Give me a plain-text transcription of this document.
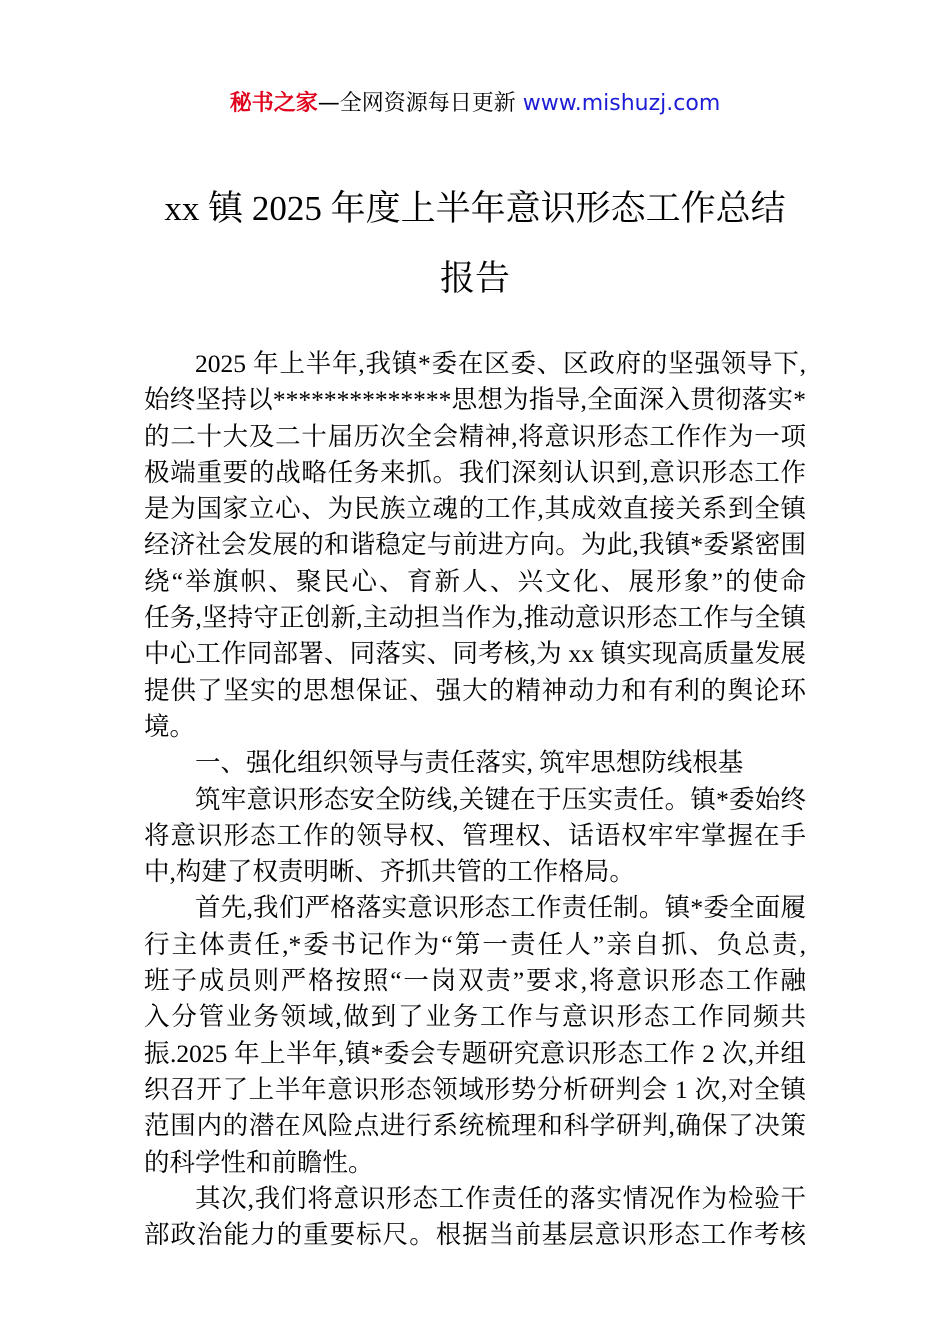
秘书之家—全网资源每日更新 www.mishuzj.com
xx 镇 2025 年度上半年意识形态工作总结
报告
2025 年上半年,我镇*委在区委、区政府的坚强领导下,
始终坚持以**************思想为指导,全面深入贯彻落实*
的二十大及二十届历次全会精神,将意识形态工作作为一项
极端重要的战略任务来抓。我们深刻认识到,意识形态工作
是为国家立心、为民族立魂的工作,其成效直接关系到全镇
经济社会发展的和谐稳定与前进方向。为此,我镇*委紧密围
绕“举旗帜、聚民心、育新人、兴文化、展形象”的使命
任务,坚持守正创新,主动担当作为,推动意识形态工作与全镇
中心工作同部署、同落实、同考核,为 xx 镇实现高质量发展
提供了坚实的思想保证、强大的精神动力和有利的舆论环
境。
一、强化组织领导与责任落实, 筑牢思想防线根基
筑牢意识形态安全防线,关键在于压实责任。镇*委始终
将意识形态工作的领导权、管理权、话语权牢牢掌握在手
中,构建了权责明晰、齐抓共管的工作格局。
首先,我们严格落实意识形态工作责任制。镇*委全面履
行主体责任,*委书记作为“第一责任人”亲自抓、负总责,
班子成员则严格按照“一岗双责”要求,将意识形态工作融
入分管业务领域,做到了业务工作与意识形态工作同频共
振.2025 年上半年,镇*委会专题研究意识形态工作 2 次,并组
织召开了上半年意识形态领域形势分析研判会 1 次,对全镇
范围内的潜在风险点进行系统梳理和科学研判,确保了决策
的科学性和前瞻性。
其次,我们将意识形态工作责任的落实情况作为检验干
部政治能力的重要标尺。根据当前基层意识形态工作考核
